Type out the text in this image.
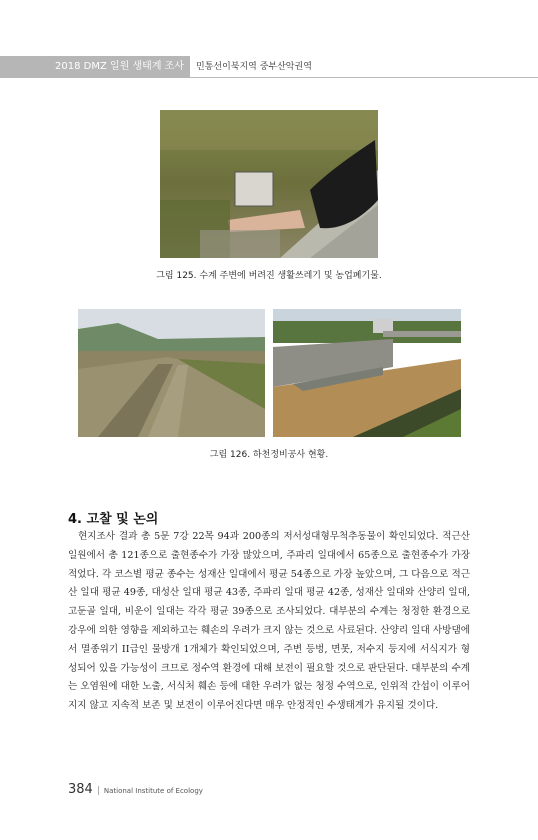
2018 DMZ 일원 생태계 조사	민통선이북지역 중부산악권역
그림 125. 수계 주변에 버려진 생활쓰레기 및 농업폐기물.
그림 126. 하천정비공사 현황.
4. 고찰 및 논의

현지조사 결과 총 5문 7강 22목 94과 200종의 저서성대형무척추동물이 확인되었다. 적근산 일원에서 총 121종으로 출현종수가 가장 많았으며, 주파리 일대에서 65종으로 출현종수가 가장 적었다. 각 코스별 평균 종수는 성재산 일대에서 평균 54종으로 가장 높았으며, 그 다음으로 적근산 일대 평균 49종, 대성산 일대 평균 43종, 주파리 일대 평균 42종, 성재산 일대와 산양리 일대, 고둔골 일대, 비운이 일대는 각각 평균 39종으로 조사되었다. 대부분의 수계는 청정한 환경으로 강우에 의한 영향을 제외하고는 훼손의 우려가 크지 않는 것으로 사료된다. 산양리 일대 사방댐에서 멸종위기 II급인 물방개 1개체가 확인되었으며, 주변 등벙, 면못, 저수지 등지에 서식지가 형성되어 있을 가능성이 크므로 정수역 환경에 대해 보전이 필요할 것으로 판단된다. 대부분의 수계는 오염원에 대한 노출, 서식처 훼손 등에 대한 우려가 없는 청정 수역으로, 인위적 간섭이 이루어지지 않고 지속적 보존 및 보전이 이루어진다면 매우 안정적인 수생태계가 유지될 것이다.

384 | National Institute of Ecology
